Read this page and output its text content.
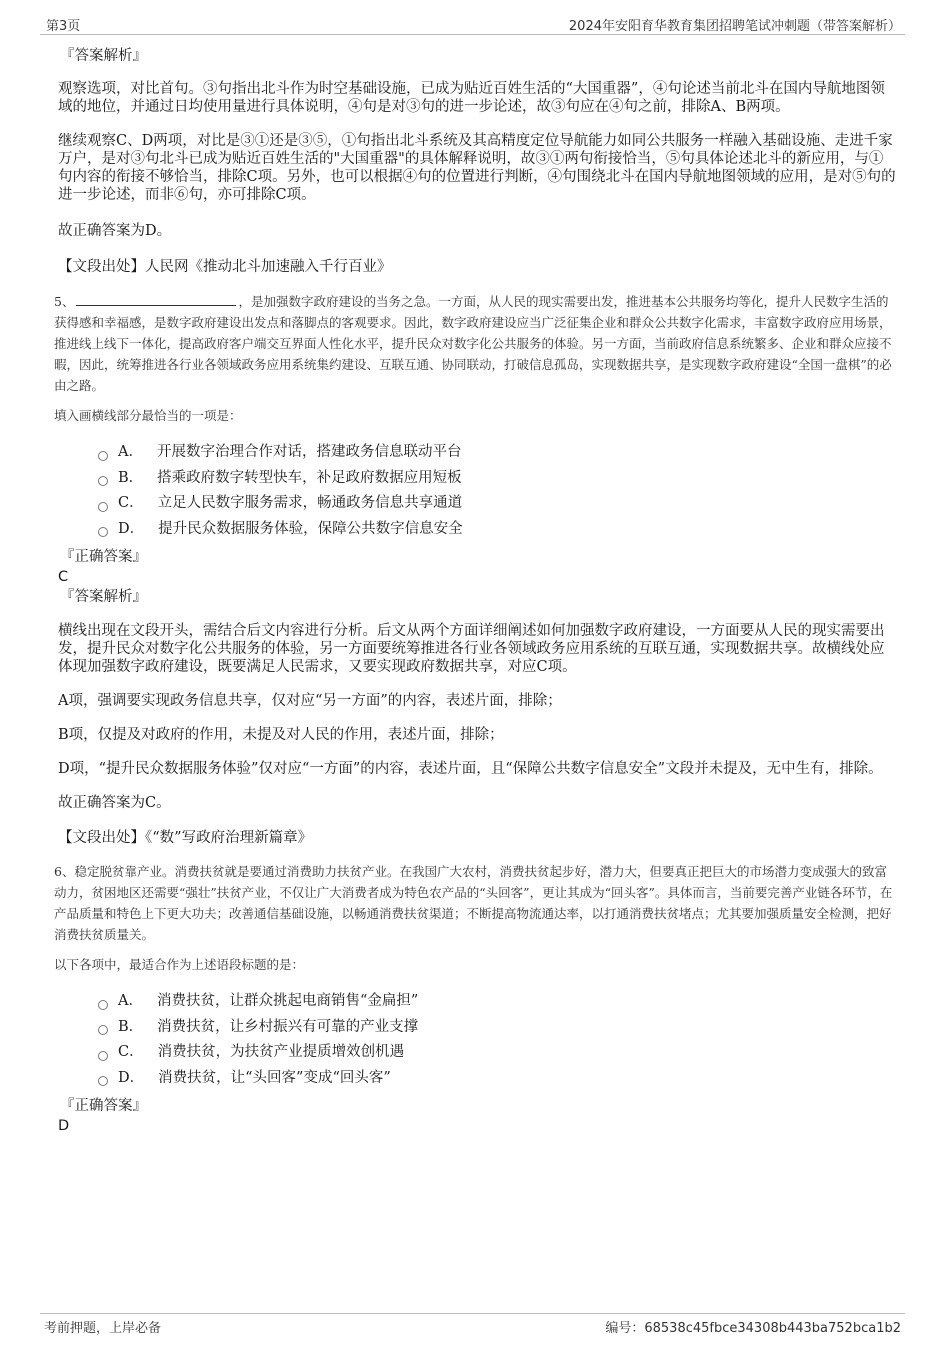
第3页	2024年安阳育华教育集团招聘笔试冲刺题（带答案解析）
『答案解析』

观察选项，对比首句。③句指出北斗作为时空基础设施，已成为贴近百姓生活的“大国重器”，④句论述当前北斗在国内导航地图领域的地位，并通过日均使用量进行具体说明，④句是对③句的进一步论述，故③句应在④句之前，排除A、B两项。

继续观察C、D两项，对比是③①还是③⑤，①句指出北斗系统及其高精度定位导航能力如同公共服务一样融入基础设施、走进千家万户，是对③句北斗已成为贴近百姓生活的"大国重器"的具体解释说明，故③①两句衔接恰当，⑤句具体论述北斗的新应用，与①句内容的衔接不够恰当，排除C项。另外，也可以根据④句的位置进行判断，④句围绕北斗在国内导航地图领域的应用，是对⑤句的进一步论述，而非⑥句，亦可排除C项。

故正确答案为D。

【文段出处】人民网《推动北斗加速融入千行百业》

5、	，是加强数字政府建设的当务之急。一方面，从人民的现实需要出发，推进基本公共服务均等化，提升人民数字生活的获得感和幸福感，是数字政府建设出发点和落脚点的客观要求。因此，数字政府建设应当广泛征集企业和群众公共数字化需求，丰富数字政府应用场景，推进线上线下一体化，提高政府客户端交互界面人性化水平，提升民众对数字化公共服务的体验。另一方面，当前政府信息系统繁多、企业和群众应接不暇，因此，统筹推进各行业各领域政务应用系统集约建设、互联互通、协同联动，打破信息孤岛，实现数据共享，是实现数字政府建设“全国一盘棋”的必由之路。

填入画横线部分最恰当的一项是：

A． 开展数字治理合作对话，搭建政务信息联动平台
B． 搭乘政府数字转型快车，补足政府数据应用短板
C． 立足人民数字服务需求，畅通政务信息共享通道
D． 提升民众数据服务体验，保障公共数字信息安全
『正确答案』
C
『答案解析』

横线出现在文段开头，需结合后文内容进行分析。后文从两个方面详细阐述如何加强数字政府建设，一方面要从人民的现实需要出发，提升民众对数字化公共服务的体验，另一方面要统筹推进各行业各领域政务应用系统的互联互通，实现数据共享。故横线处应体现加强数字政府建设，既要满足人民需求，又要实现政府数据共享，对应C项。

A项，强调要实现政务信息共享，仅对应“另一方面”的内容，表述片面，排除；

B项，仅提及对政府的作用，未提及对人民的作用，表述片面，排除；

D项，“提升民众数据服务体验”仅对应“一方面”的内容，表述片面，且“保障公共数字信息安全”文段并未提及，无中生有，排除。

故正确答案为C。

【文段出处】《“数”写政府治理新篇章》

6、稳定脱贫靠产业。消费扶贫就是要通过消费助力扶贫产业。在我国广大农村，消费扶贫起步好，潜力大，但要真正把巨大的市场潜力变成强大的致富动力，贫困地区还需要“强壮”扶贫产业，不仅让广大消费者成为特色农产品的“头回客”，更让其成为“回头客”。具体而言，当前要完善产业链各环节，在产品质量和特色上下更大功夫；改善通信基础设施，以畅通消费扶贫渠道；不断提高物流通达率，以打通消费扶贫堵点；尤其要加强质量安全检测，把好消费扶贫质量关。

以下各项中，最适合作为上述语段标题的是：

A． 消费扶贫，让群众挑起电商销售“金扁担”
B． 消费扶贫，让乡村振兴有可靠的产业支撑
C． 消费扶贫，为扶贫产业提质增效创机遇
D． 消费扶贫，让“头回客”变成“回头客”
『正确答案』
D
考前押题，上岸必备	编号：68538c45fbce34308b443ba752bca1b2
